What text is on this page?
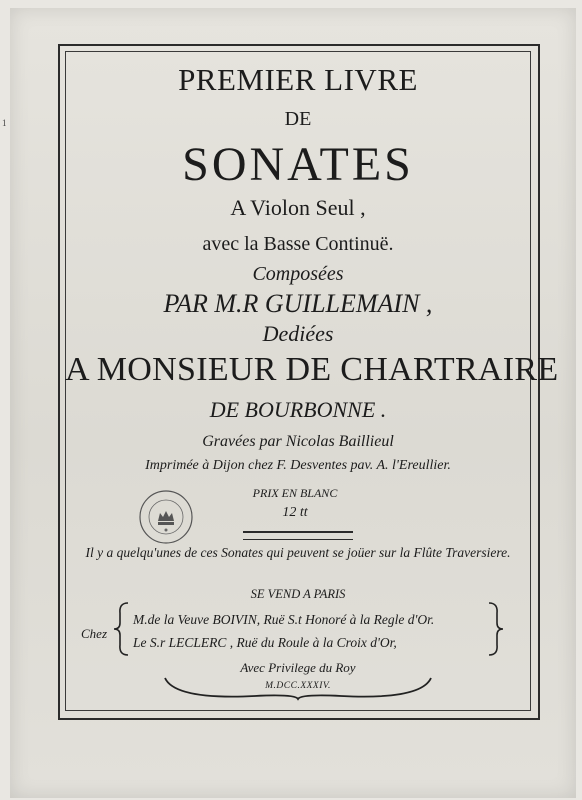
PREMIER LIVRE
DE
SONATES
A Violon Seul ,
avec la Basse Continuë.
Composées
PAR M.R GUILLEMAIN ,
Dediées
A MONSIEUR DE CHARTRAIRE
DE BOURBONNE .
Gravées par Nicolas Baillieul
Imprimée à Dijon chez F. Desventes pav. A. l'Ereullier.
PRIX EN BLANC
12 tt
Il y a quelqu'unes de ces Sonates qui peuvent se joüer sur la Flûte Traversiere.
SE VEND A PARIS
Chez
M.de la Veuve BOIVIN, Ruë S.t Honoré à la Regle d'Or.
Le S.r LECLERC , Ruë du Roule à la Croix d'Or,
Avec Privilege du Roy
M.DCC.XXXIV.
1
